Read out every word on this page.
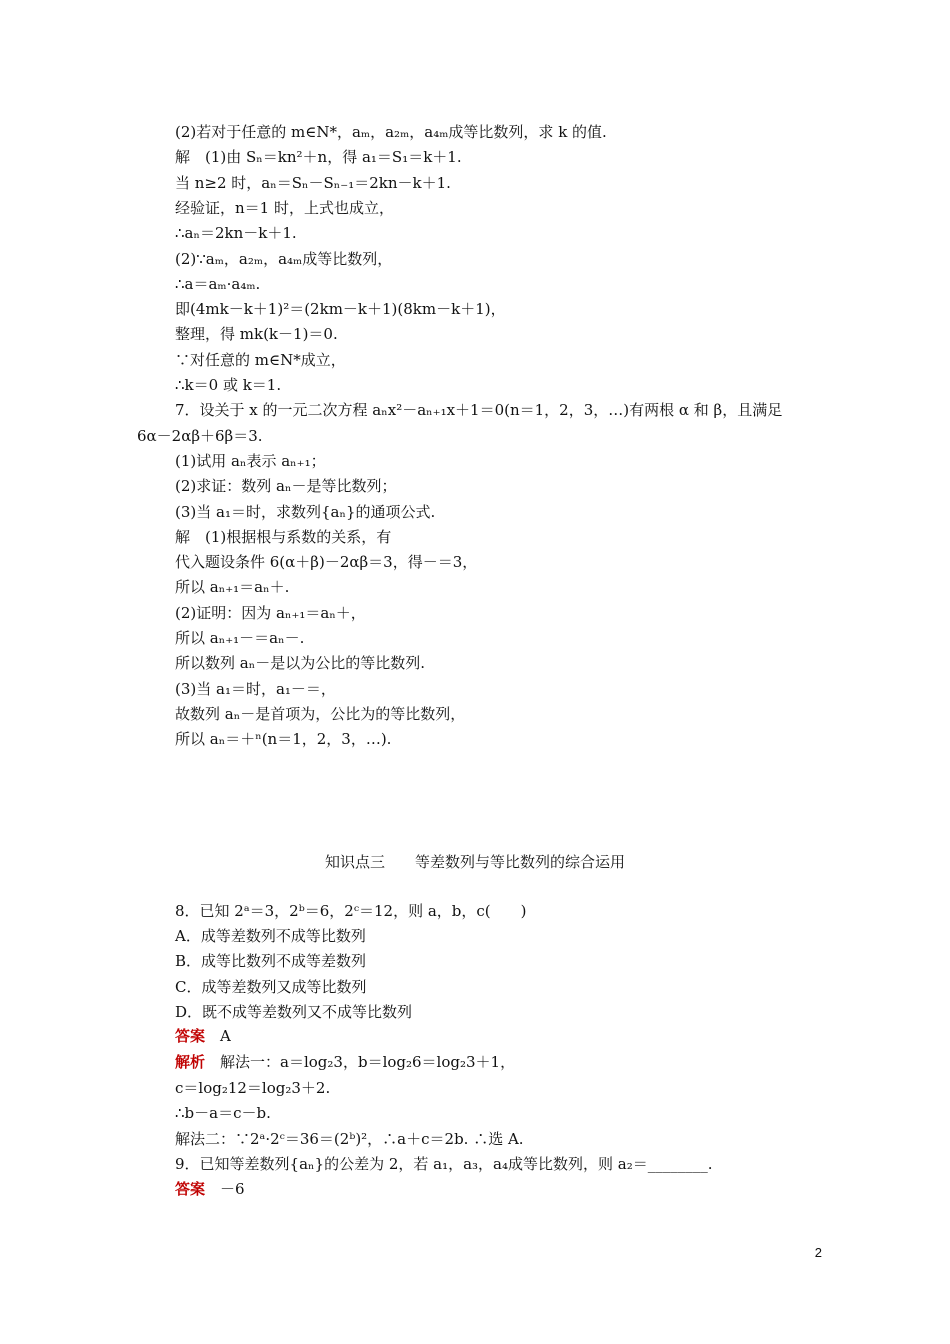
(2)若对于任意的 m∈N*，aₘ，a₂ₘ，a₄ₘ成等比数列，求 k 的值.
解　(1)由 Sₙ＝kn²＋n，得 a₁＝S₁＝k＋1.
当 n≥2 时，aₙ＝Sₙ－Sₙ₋₁＝2kn－k＋1.
经验证，n＝1 时，上式也成立，
∴aₙ＝2kn－k＋1.
(2)∵aₘ，a₂ₘ，a₄ₘ成等比数列，
∴a＝aₘ·a₄ₘ.
即(4mk－k＋1)²＝(2km－k＋1)(8km－k＋1)，
整理，得 mk(k－1)＝0.
∵对任意的 m∈N*成立，
∴k＝0 或 k＝1.
7．设关于 x 的一元二次方程 aₙx²－aₙ₊₁x＋1＝0(n＝1，2，3，…)有两根 α 和 β，且满足
6α－2αβ＋6β＝3.
(1)试用 aₙ表示 aₙ₊₁；
(2)求证：数列 aₙ－是等比数列；
(3)当 a₁＝时，求数列{aₙ}的通项公式.
解　(1)根据根与系数的关系，有
代入题设条件 6(α＋β)－2αβ＝3，得－＝3，
所以 aₙ₊₁＝aₙ＋.
(2)证明：因为 aₙ₊₁＝aₙ＋，
所以 aₙ₊₁－＝aₙ－.
所以数列 aₙ－是以为公比的等比数列.
(3)当 a₁＝时，a₁－＝，
故数列 aₙ－是首项为，公比为的等比数列，
所以 aₙ＝＋ⁿ(n＝1，2，3，…).
知识点三　　等差数列与等比数列的综合运用
8．已知 2ᵃ＝3，2ᵇ＝6，2ᶜ＝12，则 a，b，c(　　)
A．成等差数列不成等比数列
B．成等比数列不成等差数列
C．成等差数列又成等比数列
D．既不成等差数列又不成等比数列
答案　 A
解析　 解法一：a＝log₂3，b＝log₂6＝log₂3＋1，
c＝log₂12＝log₂3＋2.
∴b－a＝c－b.
解法二：∵2ᵃ·2ᶜ＝36＝(2ᵇ)²，∴a＋c＝2b. ∴选 A.
9．已知等差数列{aₙ}的公差为 2，若 a₁，a₃，a₄成等比数列，则 a₂＝________.
答案　 －6
2
